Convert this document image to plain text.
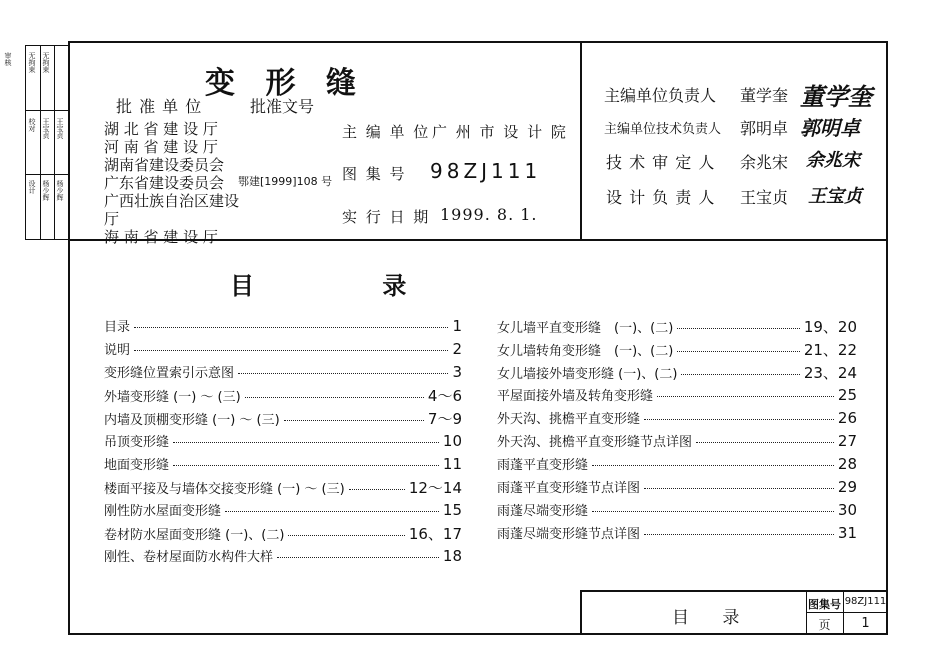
审核 无拘束 无拘束
校对 王宝贞 王宝贞
设计 杨少辉 杨少辉
变 形 缝
批 准 单 位	批准文号
湖 北 省 建 设 厅
河 南 省 建 设 厅
湖南省建设委员会
广东省建设委员会
广西壮族自治区建设厅
海 南 省 建 设 厅
鄂建[1999]108 号
主 编 单 位 广 州 市 设 计 院
图 集 号 98ZJ111
实 行 日 期 1999. 8. 1.
主编单位负责人 董学奎 董学奎
主编单位技术负责人 郭明卓 郭明卓
技 术 审 定 人 余兆宋 余兆宋
设 计 负 责 人 王宝贞 王宝贞
目 录
目录	1
说明	2
变形缝位置索引示意图	3
外墙变形缝 (一) ～ (三)	4～6
内墙及顶棚变形缝 (一) ～ (三)	7～9
吊顶变形缝	10
地面变形缝	11
楼面平接及与墙体交接变形缝 (一) ～ (三)	12～14
刚性防水屋面变形缝	15
卷材防水屋面变形缝 (一)、(二)	16、17
刚性、卷材屋面防水构件大样	18
女儿墙平直变形缝　(一)、(二)	19、20
女儿墙转角变形缝　(一)、(二)	21、22
女儿墙接外墙变形缝 (一)、(二)	23、24
平屋面接外墙及转角变形缝	25
外天沟、挑檐平直变形缝	26
外天沟、挑檐平直变形缝节点详图	27
雨蓬平直变形缝	28
雨蓬平直变形缝节点详图	29
雨蓬尽端变形缝	30
雨蓬尽端变形缝节点详图	31
目 录
图集号 98ZJ111
页	1
